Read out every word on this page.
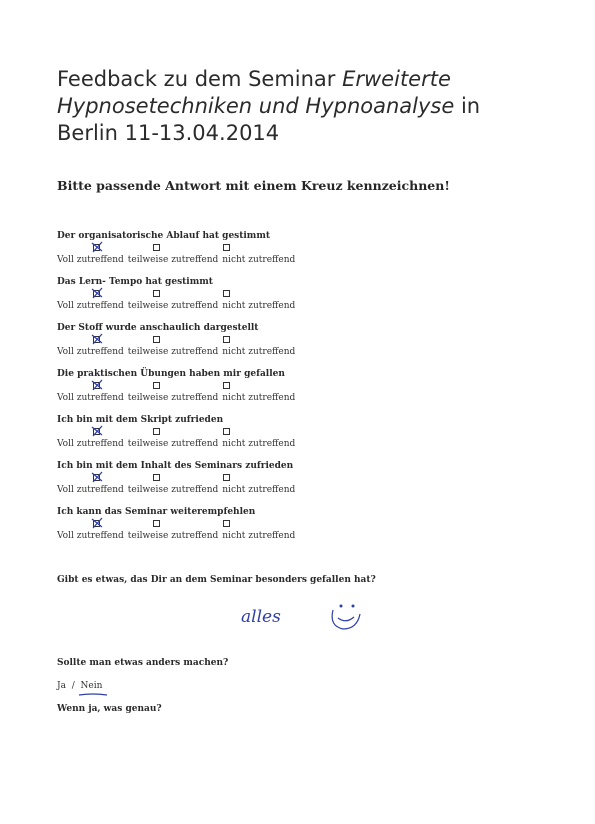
Feedback zu dem Seminar Erweiterte
Hypnosetechniken und Hypnoanalyse in
Berlin 11-13.04.2014

Bitte passende Antwort mit einem Kreuz kennzeichnen!

Der organisatorische Ablauf hat gestimmt
Voll zutreffend teilweise zutreffend nicht zutreffend
Das Lern- Tempo hat gestimmt
Voll zutreffend teilweise zutreffend nicht zutreffend
Der Stoff wurde anschaulich dargestellt
Voll zutreffend teilweise zutreffend nicht zutreffend
Die praktischen Übungen haben mir gefallen
Voll zutreffend teilweise zutreffend nicht zutreffend
Ich bin mit dem Skript zufrieden
Voll zutreffend teilweise zutreffend nicht zutreffend
Ich bin mit dem Inhalt des Seminars zufrieden
Voll zutreffend teilweise zutreffend nicht zutreffend
Ich kann das Seminar weiterempfehlen
Voll zutreffend teilweise zutreffend nicht zutreffend

Gibt es etwas, das Dir an dem Seminar besonders gefallen hat?

alles

Sollte man etwas anders machen?

Ja / Nein

Wenn ja, was genau?
